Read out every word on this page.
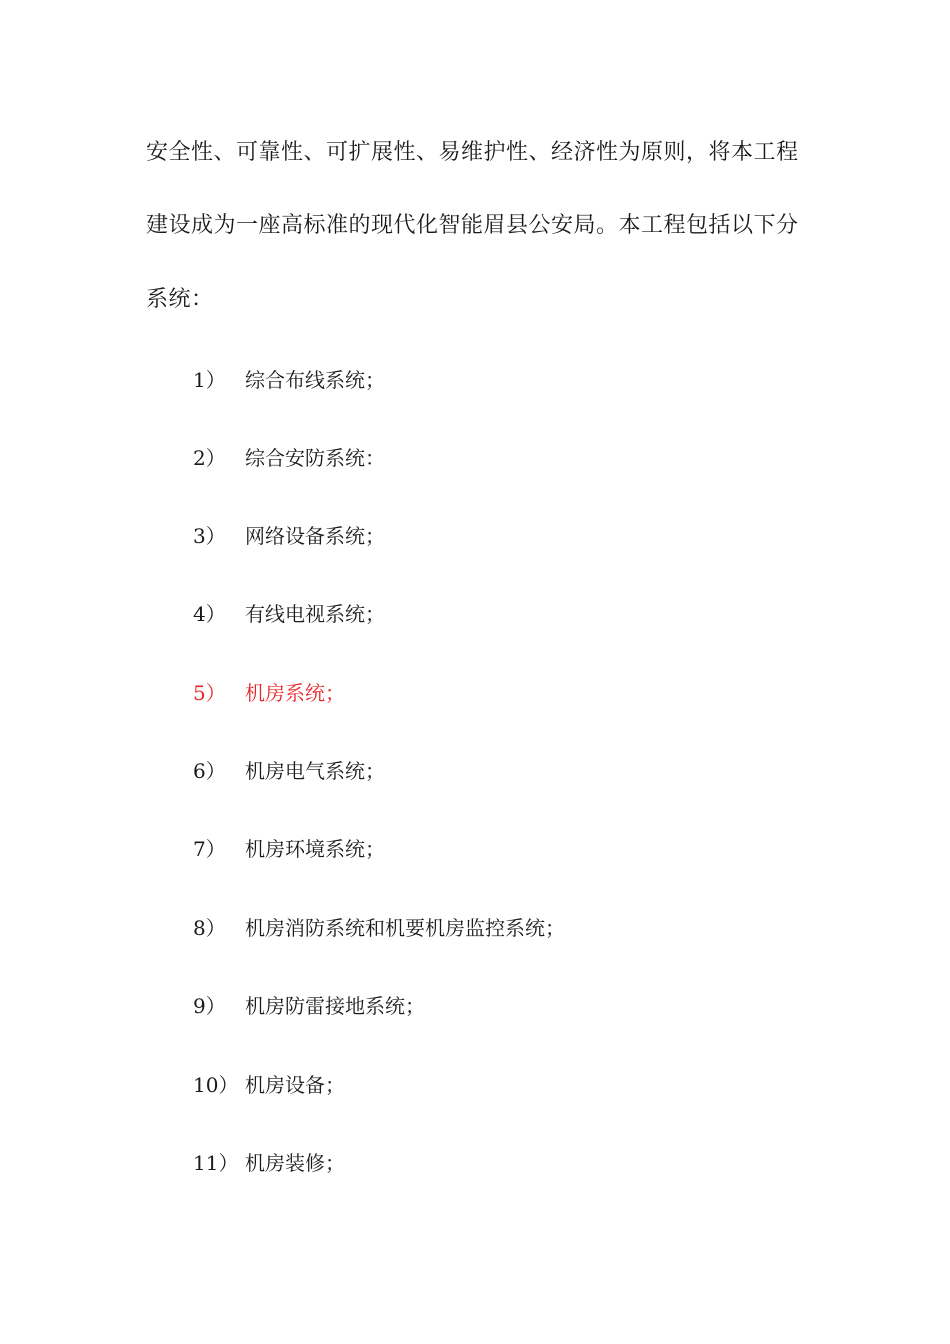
安全性、可靠性、可扩展性、易维护性、经济性为原则，将本工程
建设成为一座高标准的现代化智能眉县公安局。本工程包括以下分
系统：
1） 综合布线系统；
2） 综合安防系统：
3） 网络设备系统；
4） 有线电视系统；
5） 机房系统；
6） 机房电气系统；
7） 机房环境系统；
8） 机房消防系统和机要机房监控系统；
9） 机房防雷接地系统；
10） 机房设备；
11） 机房装修；
